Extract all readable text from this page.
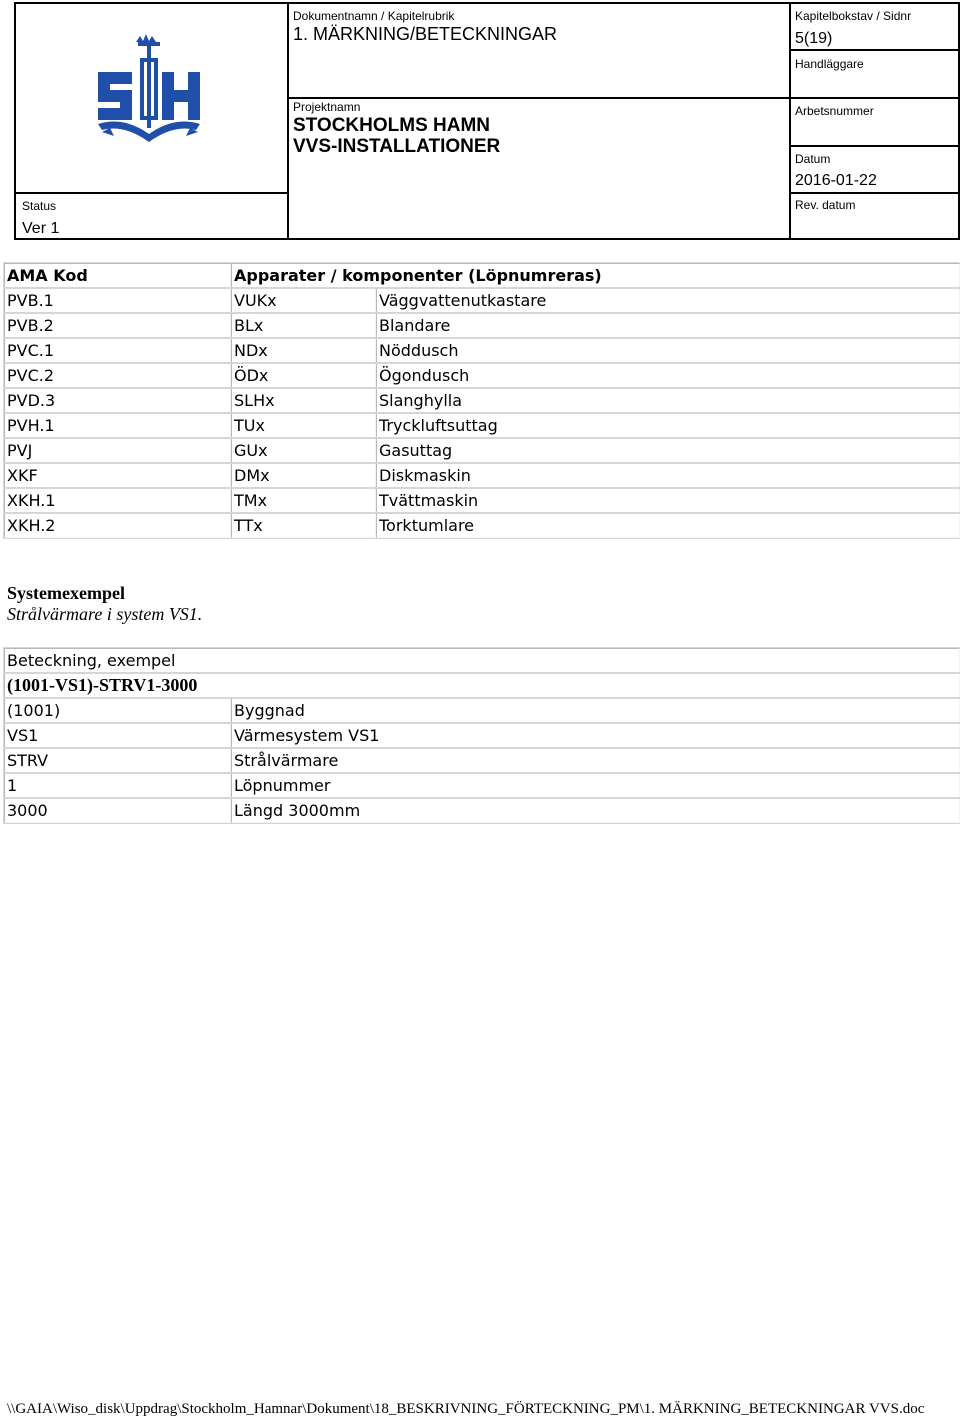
Status
Ver 1
Dokumentnamn / Kapitelrubrik
1. MÄRKNING/BETECKNINGAR
Projektnamn
STOCKHOLMS HAMN
VVS-INSTALLATIONER
Kapitelbokstav / Sidnr
5(19)
Handläggare
Arbetsnummer
Datum
2016-01-22
Rev. datum
AMA Kod	Apparater / komponenter (Löpnumreras)	
PVB.1	VUKx	Väggvattenutkastare
PVB.2	BLx	Blandare
PVC.1	NDx	Nöddusch
PVC.2	ÖDx	Ögondusch
PVD.3	SLHx	Slanghylla
PVH.1	TUx	Tryckluftsuttag
PVJ	GUx	Gasuttag
XKF	DMx	Diskmaskin
XKH.1	TMx	Tvättmaskin
XKH.2	TTx	Torktumlare
Systemexempel
Strålvärmare i system VS1.
Beteckning, exempel	
(1001-VS1)-STRV1-3000	
(1001)	Byggnad
VS1	Värmesystem VS1
STRV	Strålvärmare
1	Löpnummer
3000	Längd 3000mm
\\GAIA\Wiso_disk\Uppdrag\Stockholm_Hamnar\Dokument\18_BESKRIVNING_FÖRTECKNING_PM\1. MÄRKNING_BETECKNINGAR VVS.doc
